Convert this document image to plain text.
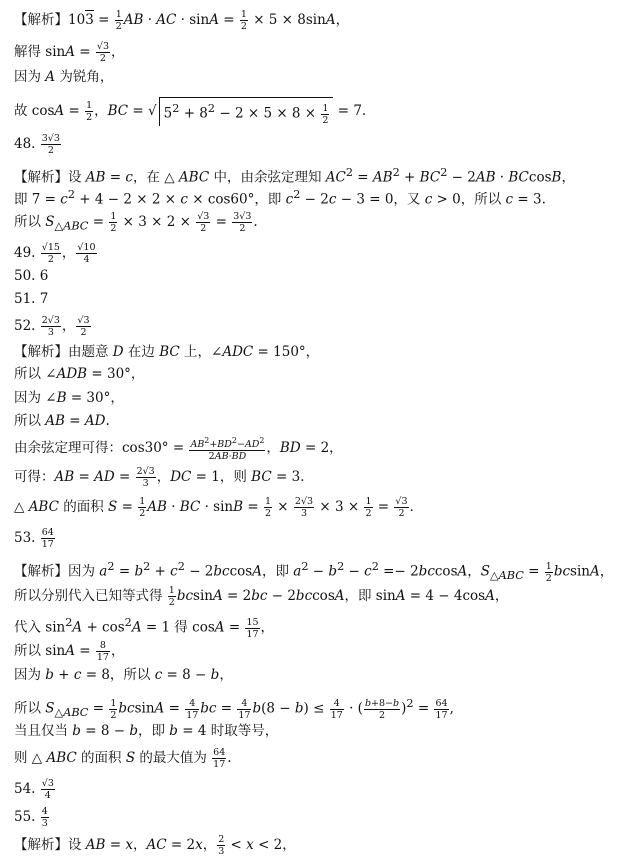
【解析】$103 = \frac{1}{2}$ AB · AC · $\sin A = \frac{1}{2} \times 5 \times 8\sin A$，
解得 $\sin A = \frac{√3}{2}$ ，
因为 A 为锐角，
故 $\cos A = \frac{1}{2}$ ，BC = √ $5^2 + 8^2 - 2 \times 5 \times 8 \times \frac{1}{2} = 7$.
48. $\frac{3√3}{2}$
【解析】设 AB = c，在 △ ABC 中，由余弦定理知 $AC^2 = AB^2 + BC^2 - 2AB \cdot BCcosB$，
即 $7 = c^2 + 4 - 2 \times 2 \times c \times \cos 60^\circ$，即 $c^2 - 2c - 3 = 0$，又 c > 0，所以 c = 3.
所以 $S_{\triangle ABC} = \frac{1}{2} \times 3 \times 2 \times \frac{√3}{2} = \frac{3√3}{2}$ .
49. $\frac{√15}{2}$ ， $\frac{√10}{4}$
50. 6
51. 7
52. $\frac{2√3}{3}$ ， $\frac{√3}{2}$
【解析】由题意 D 在边 BC 上，∠ADC = 150°，
所以 ∠ADB = 30°，
因为 ∠B = 30°，
所以 AB = AD.
由余弦定理可得：$\cos 30^\circ = \frac{AB^2+BD^2-AD^2}{2AB\cdot BD}$ ，BD = 2，
可得：AB = AD = $\frac{2√3}{3}$ ，DC = 1，则 BC = 3.
△ ABC 的面积 $S = \frac{1}{2}$ AB · BC · $\sin B = \frac{1}{2} \times \frac{2√3}{3} \times 3 \times \frac{1}{2} = \frac{√3}{2}$ .
53. $\frac{64}{17}$
【解析】因为 $a^2 = b^2 + c^2 - 2bccosA$，即 $a^2 - b^2 - c^2 =- 2bccosA$，$S_{\triangle ABC} = \frac{1}{2}$ bcsinA，
所以分别代入已知等式得 $\frac{1}{2}$ bcsinA = 2bc − 2bccosA，即 sinA = 4 − 4cosA，
代入 $\sin^2A + \cos^2A = 1$ 得 $\cos A = \frac{15}{17}$ ，
所以 $\sin A = \frac{8}{17}$ ，
因为 b + c = 8，所以 c = 8 − b，
所以 $S_{\triangle ABC} = \frac{1}{2}$ $bcsinA = \frac{4}{17}$ bc = $\frac{4}{17} b(8 - b) \le \frac{4}{17}$ · ( $\frac{b+8-b}{2} )^2 = \frac{64}{17}$ ,
当且仅当 b = 8 − b，即 b = 4 时取等号，
则 △ ABC 的面积 S 的最大值为 $\frac{64}{17}$ .
54. $\frac{√3}{4}$
55. $\frac{4}{3}$
【解析】设 AB = x，AC = 2x， $\frac{2}{3} < x < 2$，
